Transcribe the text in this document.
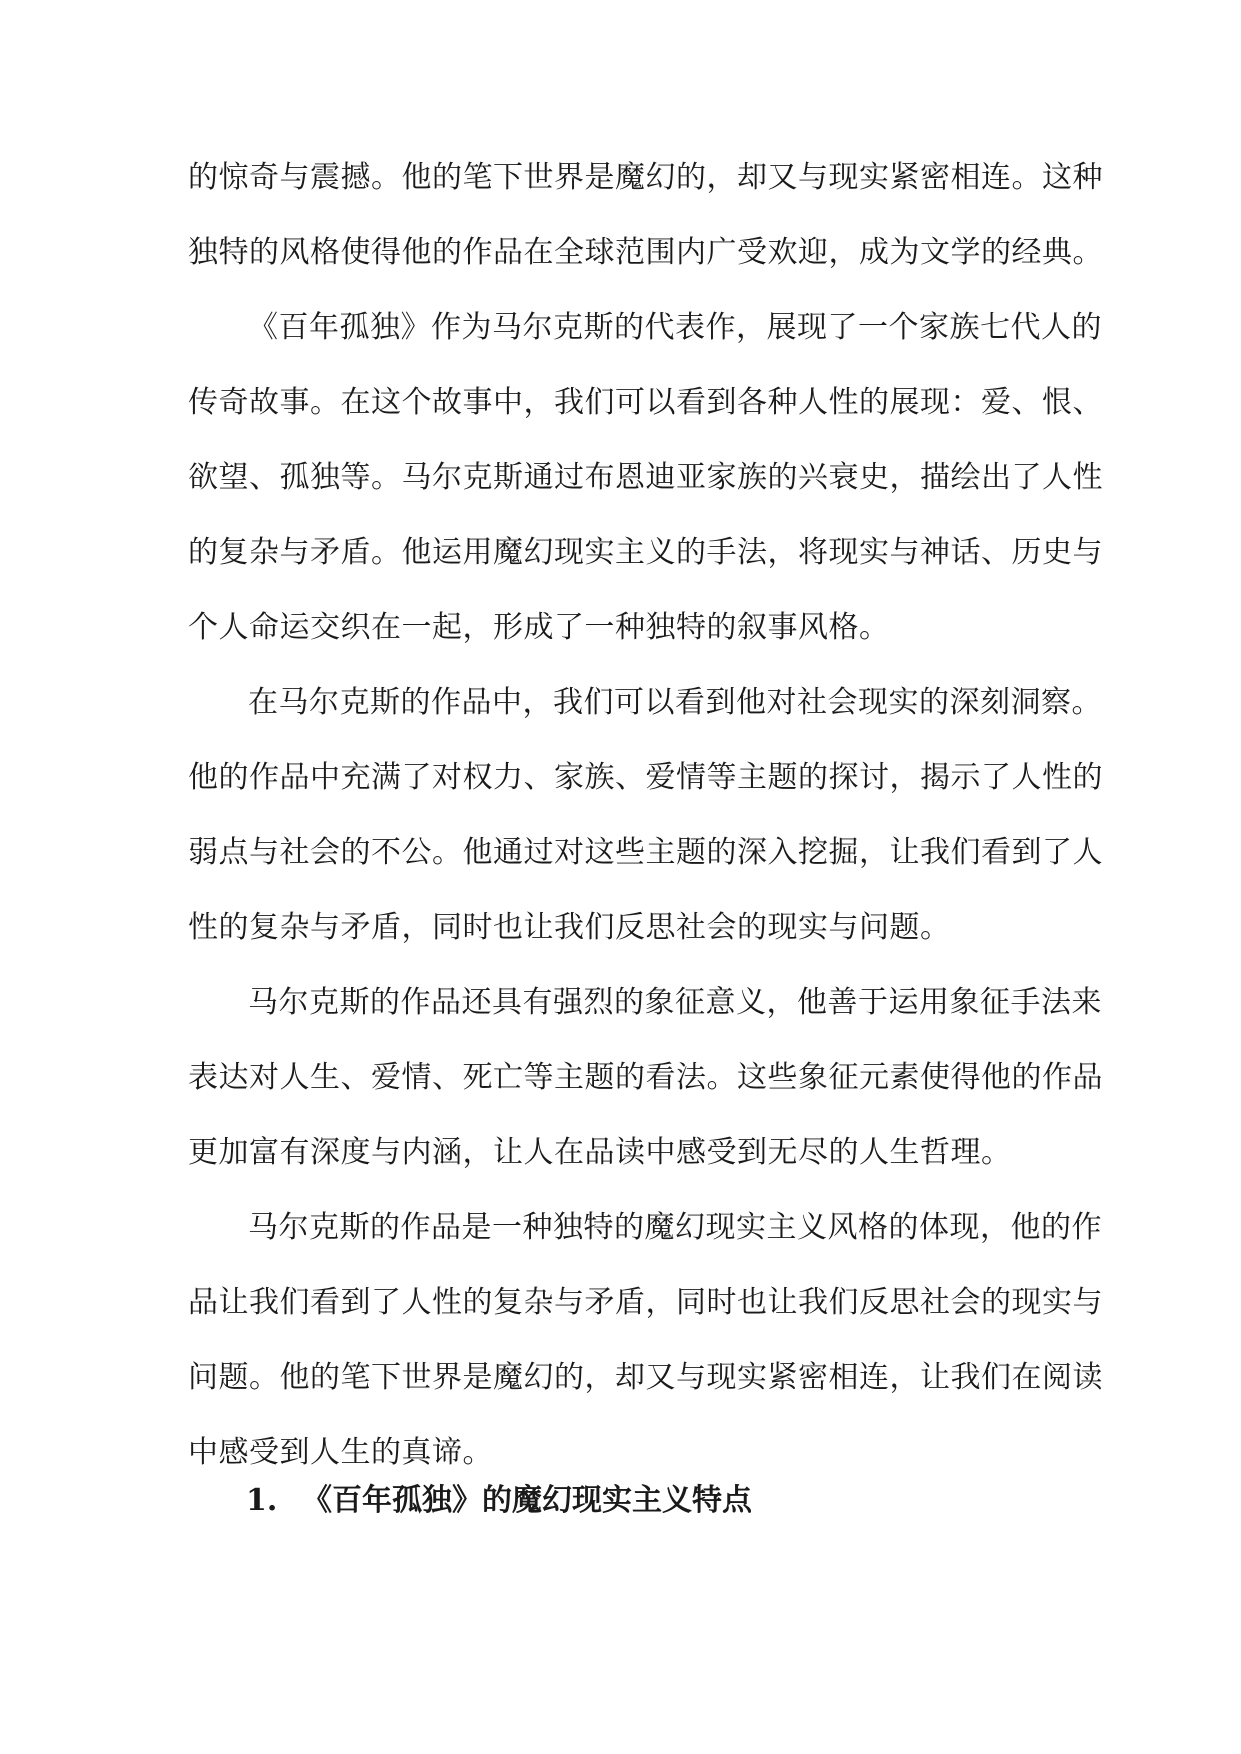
的惊奇与震撼。他的笔下世界是魔幻的，却又与现实紧密相连。这种
独特的风格使得他的作品在全球范围内广受欢迎，成为文学的经典。
《百年孤独》作为马尔克斯的代表作，展现了一个家族七代人的
传奇故事。在这个故事中，我们可以看到各种人性的展现：爱、恨、
欲望、孤独等。马尔克斯通过布恩迪亚家族的兴衰史，描绘出了人性
的复杂与矛盾。他运用魔幻现实主义的手法，将现实与神话、历史与
个人命运交织在一起，形成了一种独特的叙事风格。
在马尔克斯的作品中，我们可以看到他对社会现实的深刻洞察。
他的作品中充满了对权力、家族、爱情等主题的探讨，揭示了人性的
弱点与社会的不公。他通过对这些主题的深入挖掘，让我们看到了人
性的复杂与矛盾，同时也让我们反思社会的现实与问题。
马尔克斯的作品还具有强烈的象征意义，他善于运用象征手法来
表达对人生、爱情、死亡等主题的看法。这些象征元素使得他的作品
更加富有深度与内涵，让人在品读中感受到无尽的人生哲理。
马尔克斯的作品是一种独特的魔幻现实主义风格的体现，他的作
品让我们看到了人性的复杂与矛盾，同时也让我们反思社会的现实与
问题。他的笔下世界是魔幻的，却又与现实紧密相连，让我们在阅读
中感受到人生的真谛。
1. 《百年孤独》的魔幻现实主义特点
